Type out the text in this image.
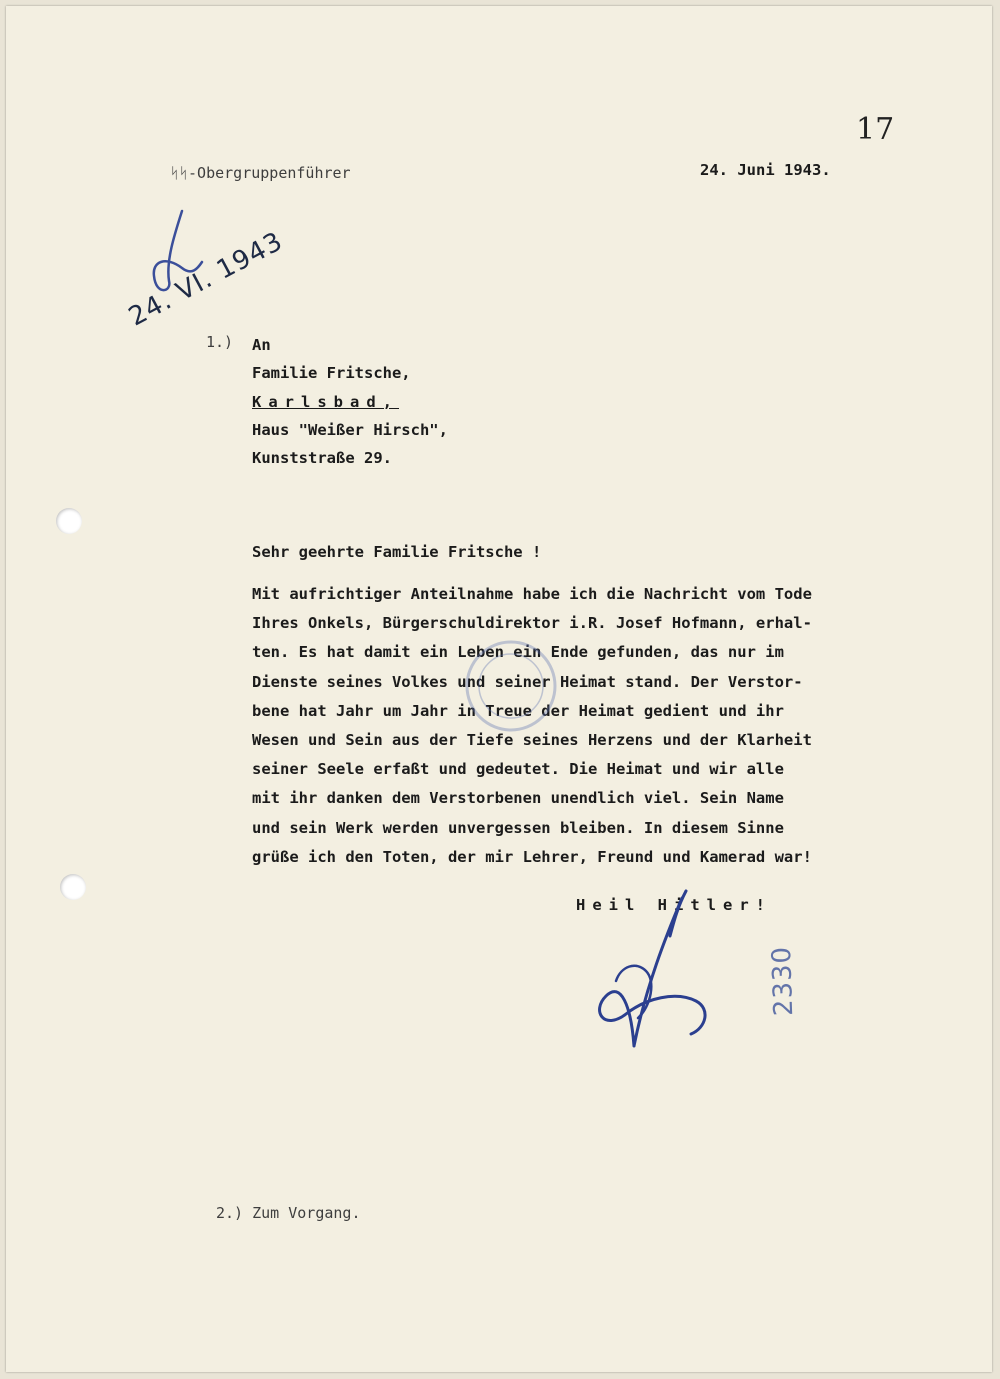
17
ᛋᛋ-Obergruppenführer	24. Juni 1943.
24. VI. 1943
1.) An
Familie Fritsche,
Karlsbad,
Haus "Weißer Hirsch",
Kunststraße 29.
Sehr geehrte Familie Fritsche !
Mit aufrichtiger Anteilnahme habe ich die Nachricht vom Tode
Ihres Onkels, Bürgerschuldirektor i.R. Josef Hofmann, erhal-
ten. Es hat damit ein Leben ein Ende gefunden, das nur im
Dienste seines Volkes und seiner Heimat stand. Der Verstor-
bene hat Jahr um Jahr in Treue der Heimat gedient und ihr
Wesen und Sein aus der Tiefe seines Herzens und der Klarheit
seiner Seele erfaßt und gedeutet. Die Heimat und wir alle
mit ihr danken dem Verstorbenen unendlich viel. Sein Name
und sein Werk werden unvergessen bleiben. In diesem Sinne
grüße ich den Toten, der mir Lehrer, Freund und Kamerad war!
Heil Hitler!
2330
2.) Zum Vorgang.
